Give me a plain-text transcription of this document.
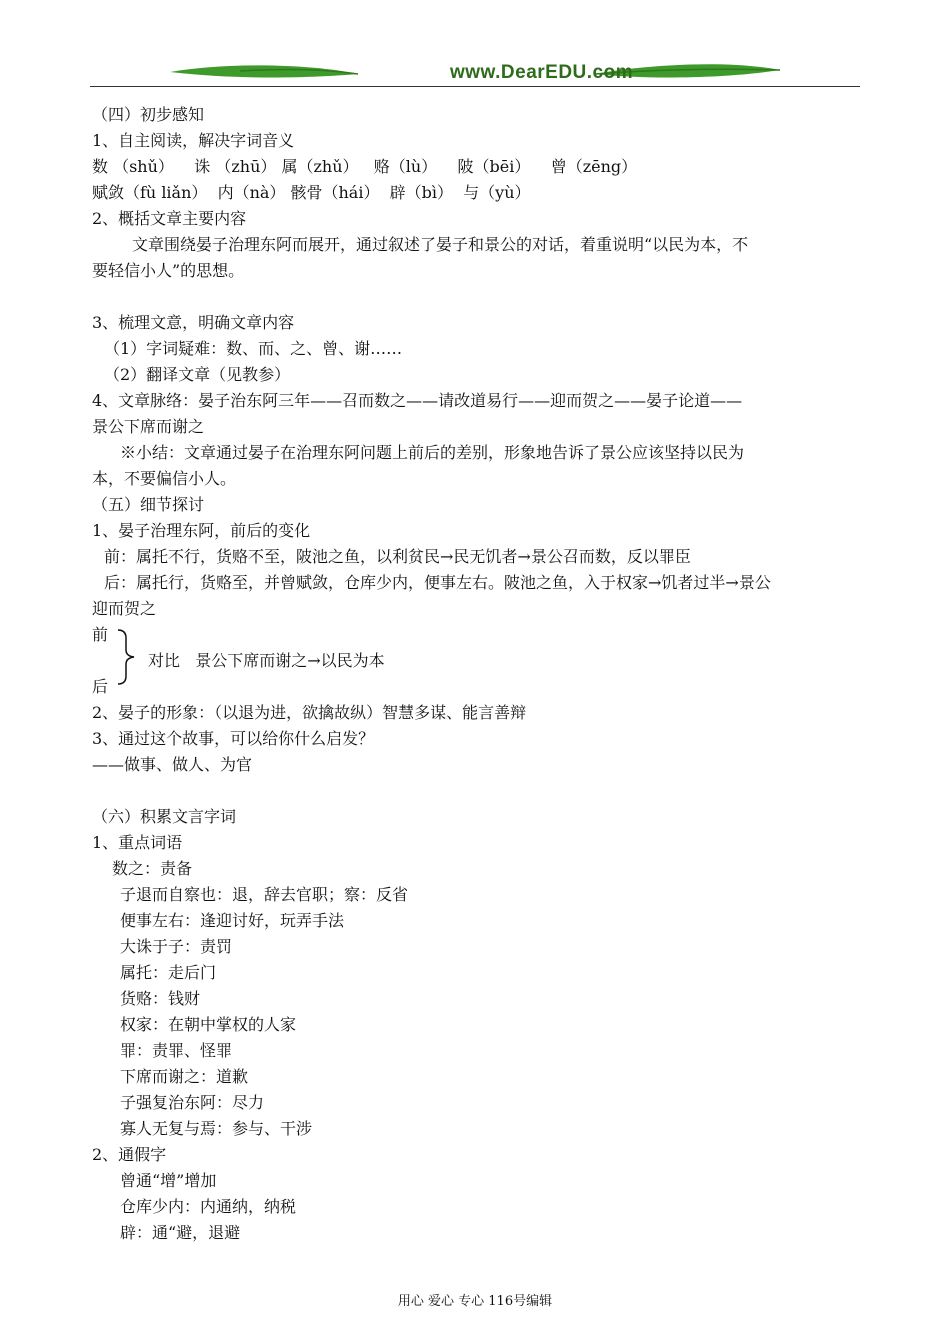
www.DearEDU.com
（四）初步感知
1、自主阅读，解决字词音义
数 （shǔ）    诛 （zhū） 属（zhǔ）   赂（lù）    陂（bēi）    曾（zēng）
赋敛（fù liǎn）  内（nà） 骸骨（hái）  辟（bì）  与（yù）
2、概括文章主要内容
文章围绕晏子治理东阿而展开，通过叙述了晏子和景公的对话，着重说明“以民为本，不
要轻信小人”的思想。
3、梳理文意，明确文章内容
（1）字词疑难：数、而、之、曾、谢……
（2）翻译文章（见教参）
4、文章脉络：晏子治东阿三年——召而数之——请改道易行——迎而贺之——晏子论道——
景公下席而谢之
※小结：文章通过晏子在治理东阿问题上前后的差别，形象地告诉了景公应该坚持以民为
本，不要偏信小人。
（五）细节探讨
1、晏子治理东阿，前后的变化
前：属托不行，货赂不至，陂池之鱼，以利贫民→民无饥者→景公召而数，反以罪臣
后：属托行，货赂至，并曾赋敛，仓库少内，便事左右。陂池之鱼，入于权家→饥者过半→景公
迎而贺之
前
对比   景公下席而谢之→以民为本
后
2、晏子的形象：（以退为进，欲擒故纵）智慧多谋、能言善辩
3、通过这个故事，可以给你什么启发？
——做事、做人、为官
（六）积累文言字词
1、重点词语
数之：责备
子退而自察也：退，辞去官职；察：反省
便事左右：逢迎讨好，玩弄手法
大诛于子：责罚
属托：走后门
货赂：钱财
权家：在朝中掌权的人家
罪：责罪、怪罪
下席而谢之：道歉
子强复治东阿：尽力
寡人无复与焉：参与、干涉
2、通假字
曾通“增”增加
仓库少内：内通纳，纳税
辟：通“避，退避
用心 爱心 专心 116号编辑
